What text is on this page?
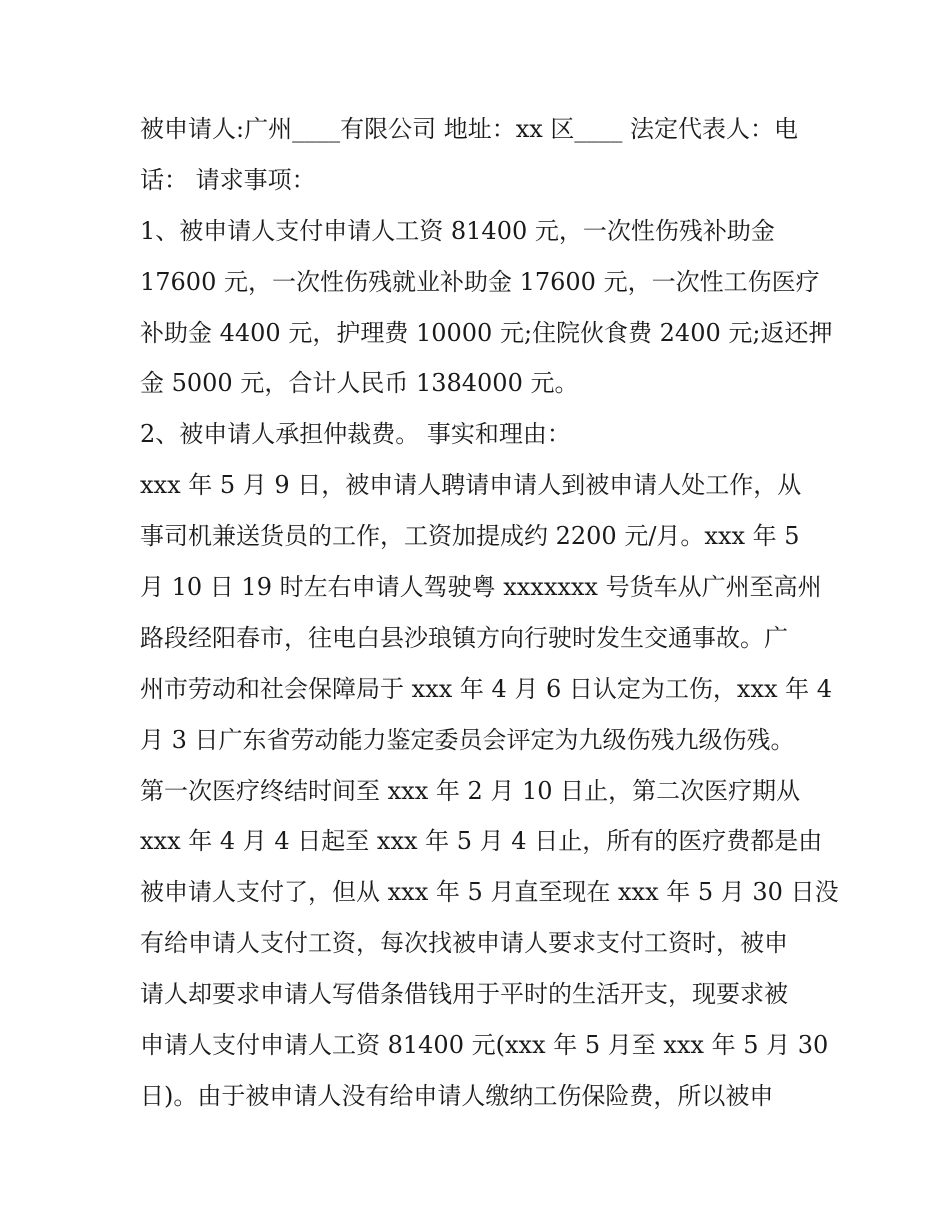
被申请人:广州____有限公司 地址：xx 区____ 法定代表人：电
话： 请求事项：
1、被申请人支付申请人工资 81400 元，一次性伤残补助金
17600 元，一次性伤残就业补助金 17600 元，一次性工伤医疗
补助金 4400 元，护理费 10000 元;住院伙食费 2400 元;返还押
金 5000 元，合计人民币 1384000 元。
2、被申请人承担仲裁费。 事实和理由：
xxx 年 5 月 9 日，被申请人聘请申请人到被申请人处工作，从
事司机兼送货员的工作，工资加提成约 2200 元/月。xxx 年 5
月 10 日 19 时左右申请人驾驶粤 xxxxxxx 号货车从广州至高州
路段经阳春市，往电白县沙琅镇方向行驶时发生交通事故。广
州市劳动和社会保障局于 xxx 年 4 月 6 日认定为工伤，xxx 年 4
月 3 日广东省劳动能力鉴定委员会评定为九级伤残九级伤残。
第一次医疗终结时间至 xxx 年 2 月 10 日止，第二次医疗期从
xxx 年 4 月 4 日起至 xxx 年 5 月 4 日止，所有的医疗费都是由
被申请人支付了，但从 xxx 年 5 月直至现在 xxx 年 5 月 30 日没
有给申请人支付工资，每次找被申请人要求支付工资时，被申
请人却要求申请人写借条借钱用于平时的生活开支，现要求被
申请人支付申请人工资 81400 元(xxx 年 5 月至 xxx 年 5 月 30
日)。由于被申请人没有给申请人缴纳工伤保险费，所以被申
